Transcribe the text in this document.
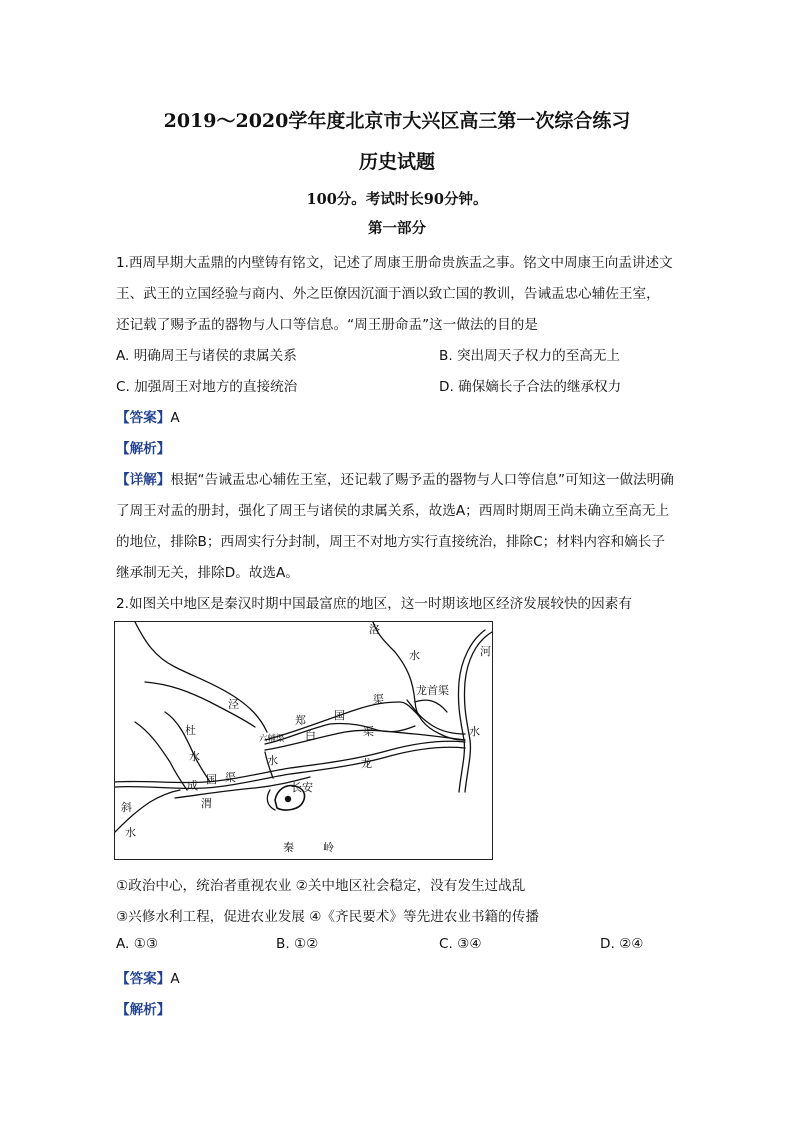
2019～2020学年度北京市大兴区高三第一次综合练习
历史试题
100分。考试时长90分钟。
第一部分
1.西周早期大盂鼎的内壁铸有铭文，记述了周康王册命贵族盂之事。铭文中周康王向盂讲述文
王、武王的立国经验与商内、外之臣僚因沉湎于酒以致亡国的教训，告诫盂忠心辅佐王室，
还记载了赐予盂的器物与人口等信息。“周王册命盂”这一做法的目的是
A. 明确周王与诸侯的隶属关系	B. 突出周天子权力的至高无上
C. 加强周王对地方的直接统治	D. 确保嫡长子合法的继承权力
【答案】A
【解析】
【详解】根据“告诫盂忠心辅佐王室，还记载了赐予盂的器物与人口等信息”可知这一做法明确
了周王对盂的册封，强化了周王与诸侯的隶属关系，故选A；西周时期周王尚未确立至高无上
的地位，排除B；西周实行分封制，周王不对地方实行直接统治，排除C；材料内容和嫡长子
继承制无关，排除D。故选A。
2.如图关中地区是秦汉时期中国最富庶的地区，这一时期该地区经济发展较快的因素有
洛
水	河
龙首渠
泾
郑	国
渠
六辅渠 白	渠	水
杜
水	水
成 国 渠
龙
长安
渭
斜
水
秦	岭
①政治中心，统治者重视农业 ②关中地区社会稳定，没有发生过战乱
③兴修水利工程，促进农业发展 ④《齐民要术》等先进农业书籍的传播
A. ①③	B. ①②	C. ③④	D. ②④
【答案】A
【解析】
